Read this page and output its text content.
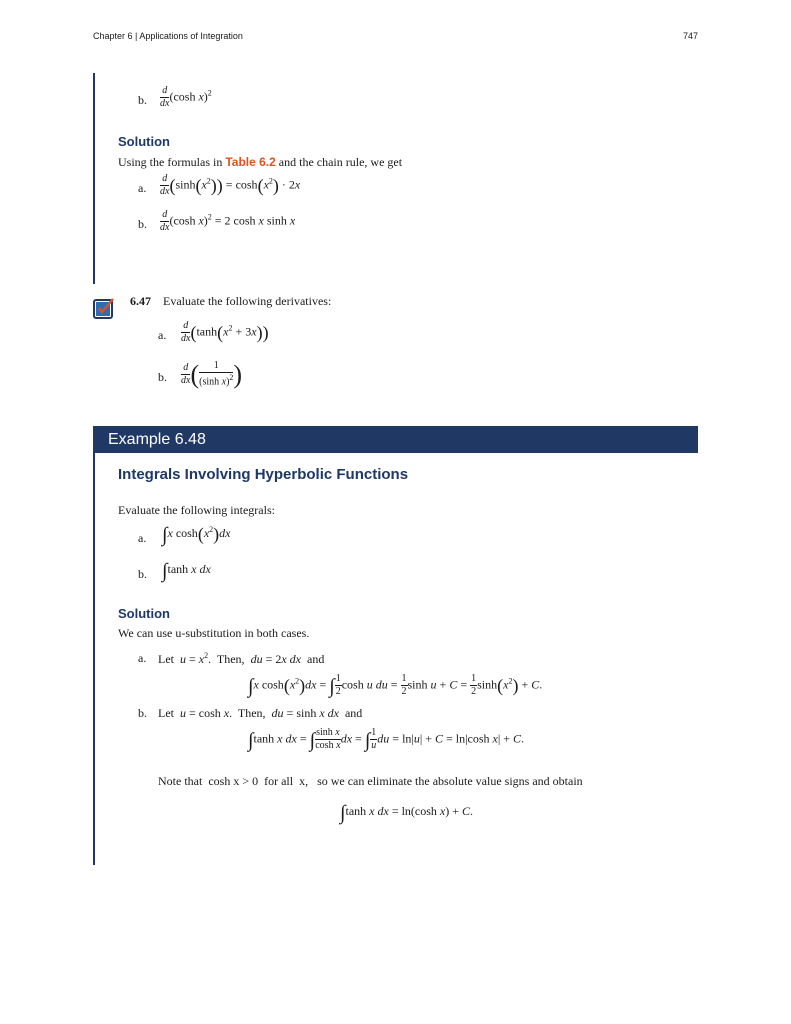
Chapter 6 | Applications of Integration	747
b. $\frac{d}{dx} (\cosh$ x)$^2$
Solution
Using the formulas in Table 6.2 and the chain rule, we get
a. $\frac{d}{dx} (\sinh(x^2)) = \cosh(x^2) \cdot 2x$
b. $\frac{d}{dx} (\cosh$ x)$^2$ = 2 cosh x sinh x
6.47 Evaluate the following derivatives:
a. $\frac{d}{dx} (\tanh(x^2 + 3x))$
b. $\frac{d}{dx}$ ( $\frac{1}{(\sinh x)^2}$ )
Example 6.48
Integrals Involving Hyperbolic Functions
Evaluate the following integrals:
a. ∫x $\cosh(x^2)dx$
b. ∫tanh x dx
Solution
We can use u-substitution in both cases.
a. Let  $u = x^2$.  Then,  du = 2x dx  and
∫x $\cosh(x^2)dx$ = ∫ $\frac{1}{2}$ cosh u du = $\frac{1}{2}$ $\sinh u + C = \frac{1}{2} \sinh(x^2) + C$.
b. Let  u = cosh x.  Then,  du = sinh x dx  and
∫tanh x dx = ∫ $\frac{\text{sinh x}}{\text{cosh x}}$ dx = ∫ $\frac{1}{u}$ du = ln|u| + C = ln|cosh x| + C.
Note that  cosh x > 0  for all  x,   so we can eliminate the absolute value signs and obtain
∫tanh x dx = ln(cosh x) + C.
